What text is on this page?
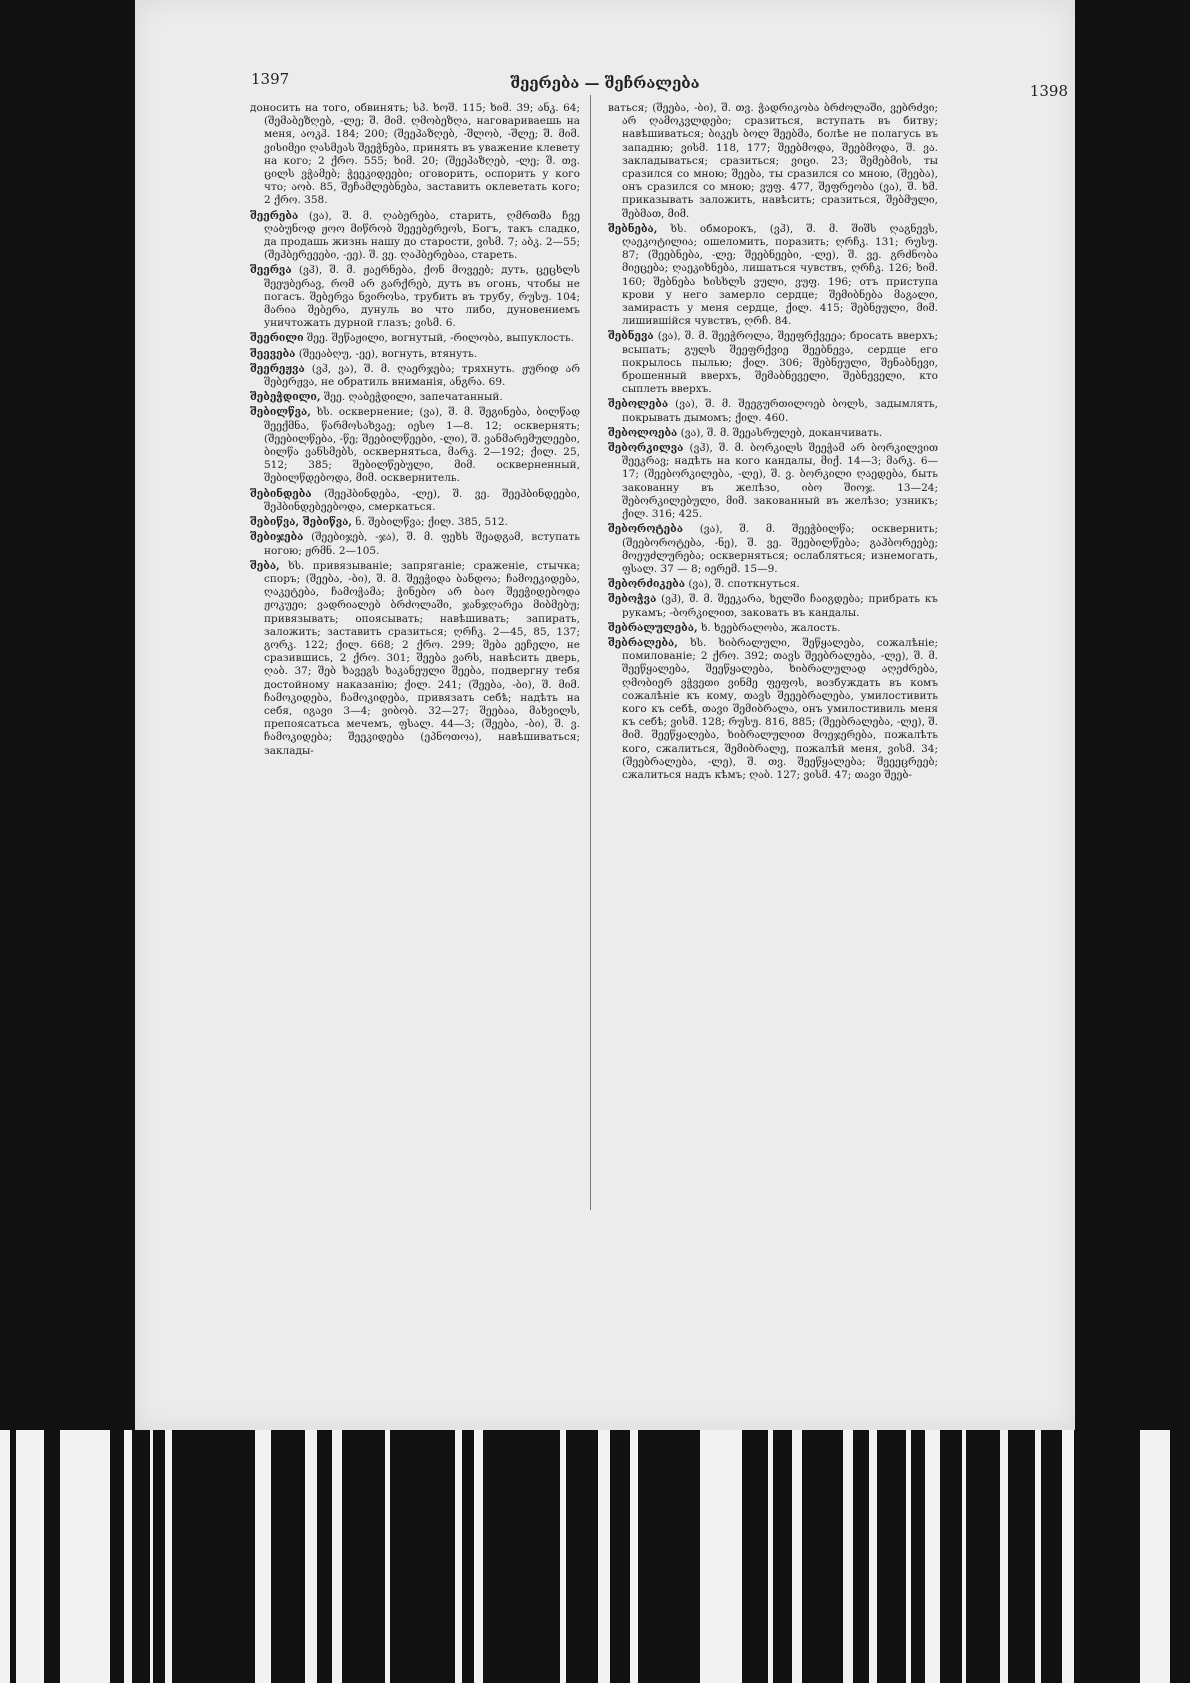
1397	შეერება — შეჩრალება	1398

доносить на того, обвинять; სპ. ხოშ. 115; ხიმ. 39; ანკ. 64; (შემაბეზღებ, -ლე; შ. მიმ. ღმობეზღა, наговариваешь на меня, აოკჰ. 184; 200; (შეეპაზღებ, -შლობ, -შლე; შ. მიმ. ვისიმეი ღასმეას შეეჭნება, принять въ уважение клевету на кого; 2 ქრო. 555; ხიმ. 20; (შეეპაზღებ, -ლე; შ. თვ. ცილს ვჭამებ; ჭეეკიდეები; оговорить, оспорить у кого что; აობ. 85, შეჩამლებნება, заставить оклеветать кого; 2 ქრო. 358.

შეერება (ვა), შ. მ. ღაბერება, старить, ღმრთმა ჩვე ღაბუნოდ ჟოო მიწრობ შეეებერეოს, Богъ, такъ сладко, да продашь жизнь нашу до старости, ვისმ. 7; აბკ. 2—55; (შეჰბერეეები, -ეე). შ. ვე. ღაჰბერებაა, стареть.

შეერვა (ვჰ), შ. მ. ჟაერნება, ქონ მოვეებ; дуть, ცეცხლს შეეუბერავ, რომ არ გარქრებ, дуть въ огонь, чтобы не погасъ. შებერვა ნვიროსა, трубить въ трубу, რუსუ. 104; მარია შებერა, дунуль во что либо, дуновениемъ уничтожать дурной глазъ; ვისმ. 6.

შეერილი შეე. შეწაჟილი, вогнутый, -რილობა, выпуклость.

შეევება (შეეაბღუ, -ეე), вогнуть, втянуть.

შეერეჟვა (ვჰ, ვა), შ. მ. ღაერჯება; тряхнуть. ჟურიდ არ შებერჟვა, не обратиль вниманія, ანგრა. 69.

შებეჭდილი, შეე. ღაბეჭდილი, запечатанный.

შებილწვა, ხს. осквернение; (ვა), შ. მ. შეგინება, ბილწად შეექმნა, წარმოსახვაე; იესო 1—8. 12; осквернять; (შეებილწება, -წე; შეებილწეები, -ლი), შ. ვანმარემულეები, ბილწა ვანსმებს, осквернятьса, მარკ. 2—192; ქილ. 25, 512; 385; შებილწებული, მიმ. оскверненный, შებილწდებოდა, მიმ. осквернитель.

შებინდება (შეეჰბინდება, -ლე), შ. ვე. შეეჰბინდეები, შეჰბინდებეებოდა, смеркаться.

შებიწვა, შებიწვა, ნ. შებილწვა; ქილ. 385, 512.

შებიჯება (შეებიჯებ, -ჯა), შ. მ. ფეხს შეადგამ, вступать ногою; ჟრმნ. 2—105.

შება, ხს. привязываніе; запряганіе; сраженіе, стычка; споръ; (შეება, -ბი), შ. მ. შეეჭიდა ბანდოა; ჩამოეკიდება, ღაკეტება, ჩამოჭამა; ჭინებო არ ბაო შეეჭიდებოდა ჟოკუეი; ვადრიალებ ბრძოლაში, ჯანჯღარეა მიბმებუ; привязывать; опоясывать; навѣшивать; запирать, заложить; заставить сразиться; ღრჩკ. 2—45, 85, 137; გორკ. 122; ქილ. 668; 2 ქრო. 299; შება ეეჩელი, не сразившись, 2 ქრო. 301; შეება ვარს, навѣсить дверь, ღაბ. 37; შებ ხავეგს ხაკანეული შეება, подвергну тебя достойному наказанію; ქილ. 241; (შეება, -ბი), შ. მიმ. ჩამოკიდება, ჩამოკიდება, привязать себѣ; надѣть на себя, იგავი 3—4; ვიბობ. 32—27; შეებაა, მახვილს, препоясатьса мечемъ, ფსალ. 44—3; (შეება, -ბი), შ. ვ. ჩამოკიდება; შეეკიდება (ეპნოთოა), навѣшиваться; заклады-

ваться; (შეება, -ბი), შ. თვ. ჭადრიკობა ბრძოლაში, ვებრძვი; არ ღამოკვლდები; сразиться, вступать въ битву; навѣшиваться; ბიკეს ბოლ შეებმა, болѣе не полагусь въ западню; ვისმ. 118, 177; შეებმოდა, შეებმოდა, შ. ვა. закладываться; сразиться; ვიცი. 23; შემებმის, ты сразился со мною; შეება, ты сразился со мною, (შეება), онъ сразился со мною; ვუფ. 477, შეფრეობა (ვა), შ. ხმ. приказывать заложить, навѣсить; сразиться, შებმული, შებმათ, მიმ.

შებნება, ხს. обморокъ, (ვჰ), შ. მ. შიშს ღაგნევს, ღაეკოტილია; ошеломить, поразить; ღრჩკ. 131; რუსუ. 87; (შეებნება, -ლე; შეებნეები, -ლე), შ. ვე. გრძნობა მიეცება; ღაეკიხნება, лишаться чувствъ, ღრჩკ. 126; ხიმ. 160; შებნება ხისხლს ვული, ვუფ. 196; отъ приступа крови у него замерло сердце; შემიბნება მაგალი, замирасть у меня сердце, ქილ. 415; შებნეული, მიმ. лишившійся чувствъ, ღრჩ. 84.

შებნევა (ვა), შ. მ. შეეჭროლა, შეეფრქვეეა; бросать вверхъ; всыпать; გულს შეეფრქვიე შეებნევა, сердце его покрылось пылью; ქილ. 306; შებნეული, შენაბნევი, брошенный вверхъ, შემაბნეველი, შებნეველი, кто сыплеть вверхъ.

შებოლება (ვა), შ. მ. შეეგურთილოებ ბოლს, задымлять, покрывать дымомъ; ქილ. 460.

შებოლოება (ვა), შ. მ. შეეასრულებ, доканчивать.

შებორკილვა (ვჰ), შ. მ. ბორკილს შეეჭამ არ ბორკილვით შეეკრავ; надѣть на кого кандалы, მიქ. 14—3; მარკ. 6—17; (შეებორკილება, -ლე), შ. ვ. ბორკილი ღაედება, быть закованну въ желѣзо, იბო შიოჯ. 13—24; შებორკილებული, მიმ. закованный въ желѣзо; узникъ; ქილ. 316; 425.

შებოროტება (ვა), შ. მ. შეეჭბილწა; осквернить; (შეებოროტება, -ნე), შ. ვე. შეებილწება; გაჰბორეებე; მოეუძლურება; оскверняться; ослабляться; изнемогать, ფსალ. 37 — 8; იერემ. 15—9.

შებორძიკება (ვა), შ. споткнуться.

შებოჭვა (ვჰ), შ. მ. შეეკარა, ხელში ჩაიგდება; прибрать къ рукамъ; -ბორკილით, заковать въ кандалы.

შებრალულება, ხ. ხეებრალობა, жалость.

შებრალება, ხს. ხიბრალული, შეწყალება, сожалѣніе; помилованіе; 2 ქრო. 392; თავს შეებრალება, -ლე), შ. მ. შეეწყალება, შეეწყალება, ხიბრალულად აღეძრება, ღმობიერ ვჭვეთი ვინმე ფეფოს, возбуждать въ комъ сожалѣніе къ кому, თავს შეეებრალება, умилостивить кого къ себѣ, თავი შემიბრალა, онъ умилостивиль меня къ себѣ; ვისმ. 128; რუსუ. 816, 885; (შეებრალება, -ლე), შ. მიმ. შეეწყალება, ხიბრალულით მოეჯერება, пожалѣть кого, сжалиться, შემიბრალე, пожалѣй меня, ვისმ. 34; (შეებრალება, -ლე), შ. თვ. შეეწყალება; შეეეცრეებ; сжалиться надъ кѣмъ; ღაბ. 127; ვისმ. 47; თავი შეებ-
